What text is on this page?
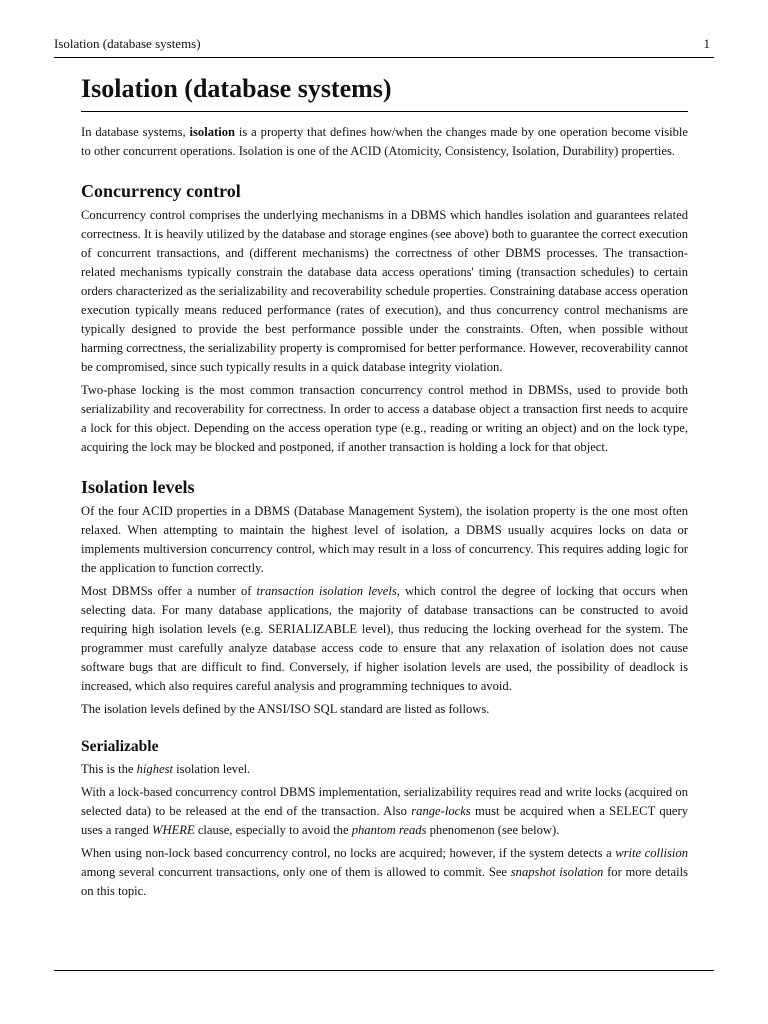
Isolation (database systems)	1
Isolation (database systems)

In database systems, isolation is a property that defines how/when the changes made by one operation become visible to other concurrent operations. Isolation is one of the ACID (Atomicity, Consistency, Isolation, Durability) properties.

Concurrency control

Concurrency control comprises the underlying mechanisms in a DBMS which handles isolation and guarantees related correctness. It is heavily utilized by the database and storage engines (see above) both to guarantee the correct execution of concurrent transactions, and (different mechanisms) the correctness of other DBMS processes. The transaction-related mechanisms typically constrain the database data access operations' timing (transaction schedules) to certain orders characterized as the serializability and recoverability schedule properties. Constraining database access operation execution typically means reduced performance (rates of execution), and thus concurrency control mechanisms are typically designed to provide the best performance possible under the constraints. Often, when possible without harming correctness, the serializability property is compromised for better performance. However, recoverability cannot be compromised, since such typically results in a quick database integrity violation.

Two-phase locking is the most common transaction concurrency control method in DBMSs, used to provide both serializability and recoverability for correctness. In order to access a database object a transaction first needs to acquire a lock for this object. Depending on the access operation type (e.g., reading or writing an object) and on the lock type, acquiring the lock may be blocked and postponed, if another transaction is holding a lock for that object.

Isolation levels

Of the four ACID properties in a DBMS (Database Management System), the isolation property is the one most often relaxed. When attempting to maintain the highest level of isolation, a DBMS usually acquires locks on data or implements multiversion concurrency control, which may result in a loss of concurrency. This requires adding logic for the application to function correctly.

Most DBMSs offer a number of transaction isolation levels, which control the degree of locking that occurs when selecting data. For many database applications, the majority of database transactions can be constructed to avoid requiring high isolation levels (e.g. SERIALIZABLE level), thus reducing the locking overhead for the system. The programmer must carefully analyze database access code to ensure that any relaxation of isolation does not cause software bugs that are difficult to find. Conversely, if higher isolation levels are used, the possibility of deadlock is increased, which also requires careful analysis and programming techniques to avoid.

The isolation levels defined by the ANSI/ISO SQL standard are listed as follows.

Serializable

This is the highest isolation level.

With a lock-based concurrency control DBMS implementation, serializability requires read and write locks (acquired on selected data) to be released at the end of the transaction. Also range-locks must be acquired when a SELECT query uses a ranged WHERE clause, especially to avoid the phantom reads phenomenon (see below).

When using non-lock based concurrency control, no locks are acquired; however, if the system detects a write collision among several concurrent transactions, only one of them is allowed to commit. See snapshot isolation for more details on this topic.
